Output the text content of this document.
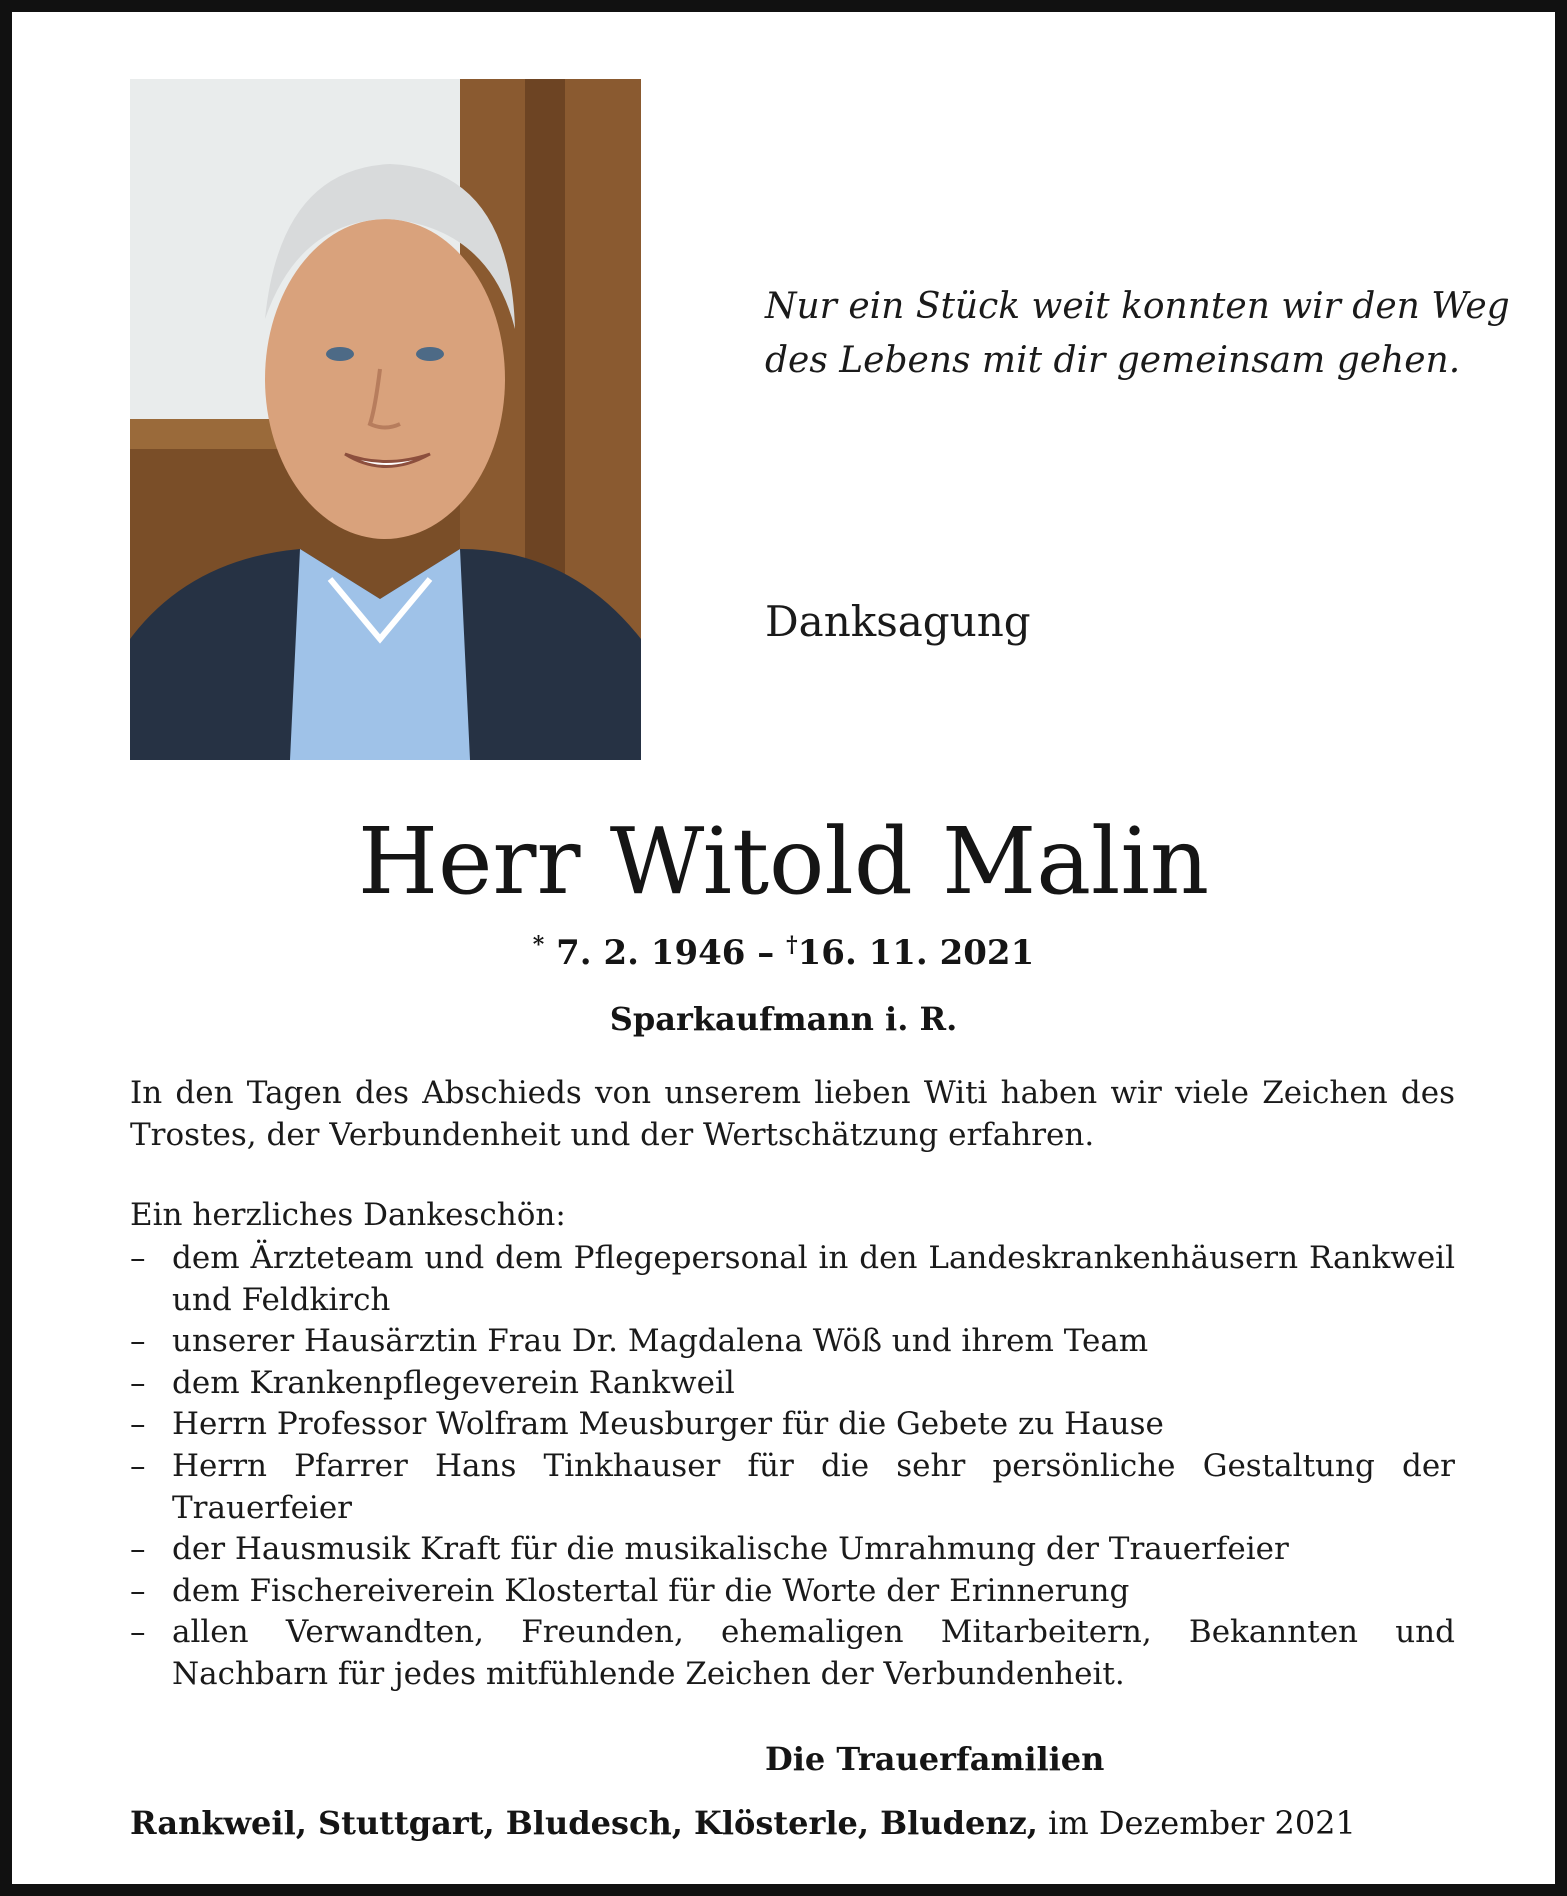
Nur ein Stück weit konnten wir den Weg
des Lebens mit dir gemeinsam gehen.
Danksagung
Herr Witold Malin
* 7. 2. 1946 – †16. 11. 2021
Sparkaufmann i. R.
In den Tagen des Abschieds von unserem lieben Witi haben wir viele Zeichen des Trostes, der Verbundenheit und der Wertschätzung erfahren.
Ein herzliches Dankeschön:
– dem Ärzteteam und dem Pflegepersonal in den Landeskrankenhäusern Rankweil und Feldkirch
– unserer Hausärztin Frau Dr. Magdalena Wöß und ihrem Team
– dem Krankenpflegeverein Rankweil
– Herrn Professor Wolfram Meusburger für die Gebete zu Hause
– Herrn Pfarrer Hans Tinkhauser für die sehr persönliche Gestaltung der Trauerfeier
– der Hausmusik Kraft für die musikalische Umrahmung der Trauerfeier
– dem Fischereiverein Klostertal für die Worte der Erinnerung
– allen Verwandten, Freunden, ehemaligen Mitarbeitern, Bekannten und Nachbarn für jedes mitfühlende Zeichen der Verbundenheit.
Die Trauerfamilien
Rankweil, Stuttgart, Bludesch, Klösterle, Bludenz, im Dezember 2021
